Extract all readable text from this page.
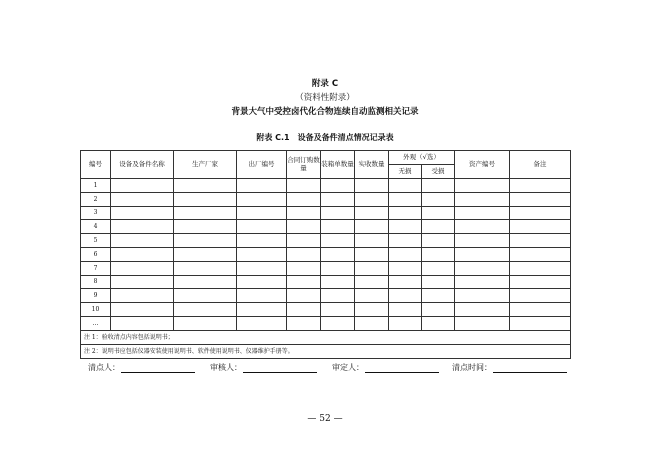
附录 C
（资料性附录）
背景大气中受控卤代化合物连续自动监测相关记录
附表 C.1　设备及备件清点情况记录表
编号	设备及备件名称	生产厂家	出厂编号	合同订购数量	装箱单数量	实收数量	外观（√选）		资产编号	备注
							无损	受损		
1										
2										
3										
4										
5										
6										
7										
8										
9										
10										
…										
注 1：验收清点内容包括说明书；										
注 2：说明书应包括仪器安装使用说明书、软件使用说明书、仪器维护手册等。										
清点人：	审核人：	审定人：	清点时间：
— 52 —
